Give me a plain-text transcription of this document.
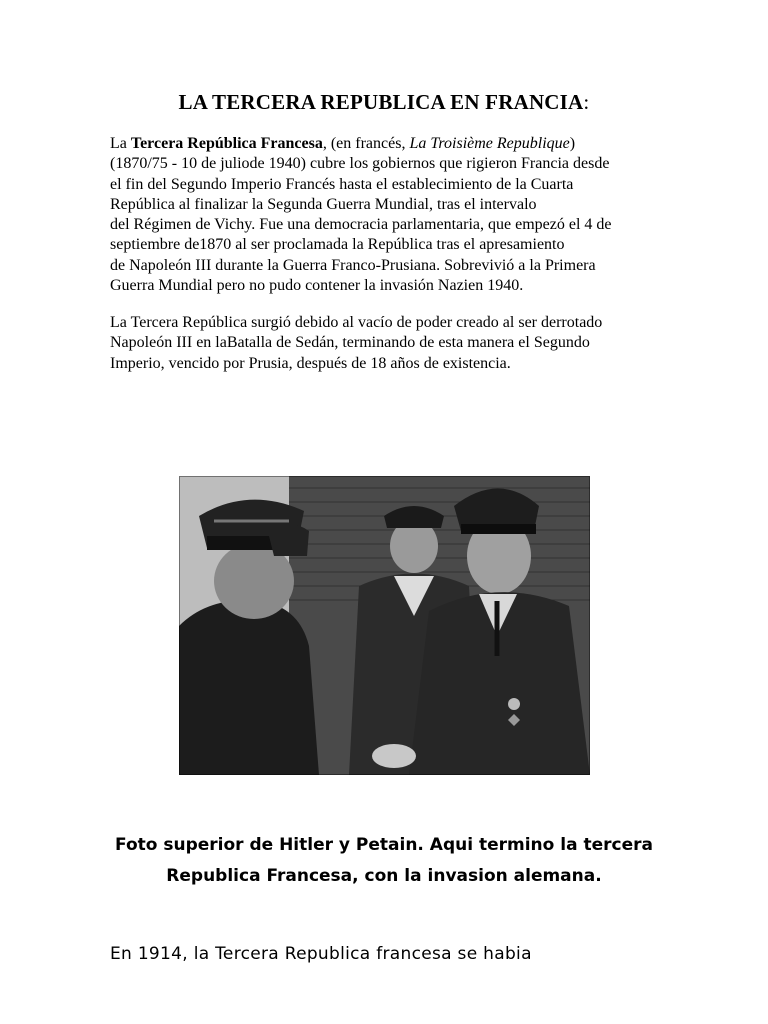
LA TERCERA REPUBLICA EN FRANCIA:
La Tercera República Francesa, (en francés, La Troisième Republique)
(1870/75 - 10 de juliode 1940) cubre los gobiernos que rigieron Francia desde
el fin del Segundo Imperio Francés hasta el establecimiento de la Cuarta
República al finalizar la Segunda Guerra Mundial, tras el intervalo
del Régimen de Vichy. Fue una democracia parlamentaria, que empezó el 4 de
septiembre de1870 al ser proclamada la República tras el apresamiento
de Napoleón III durante la Guerra Franco-Prusiana. Sobrevivió a la Primera
Guerra Mundial pero no pudo contener la invasión Nazien 1940.
La Tercera República surgió debido al vacío de poder creado al ser derrotado
Napoleón III en laBatalla de Sedán, terminando de esta manera el Segundo
Imperio, vencido por Prusia, después de 18 años de existencia.
Foto superior de Hitler y Petain. Aqui termino la tercera
Republica Francesa, con la invasion alemana.
En 1914, la Tercera Republica francesa se habia
